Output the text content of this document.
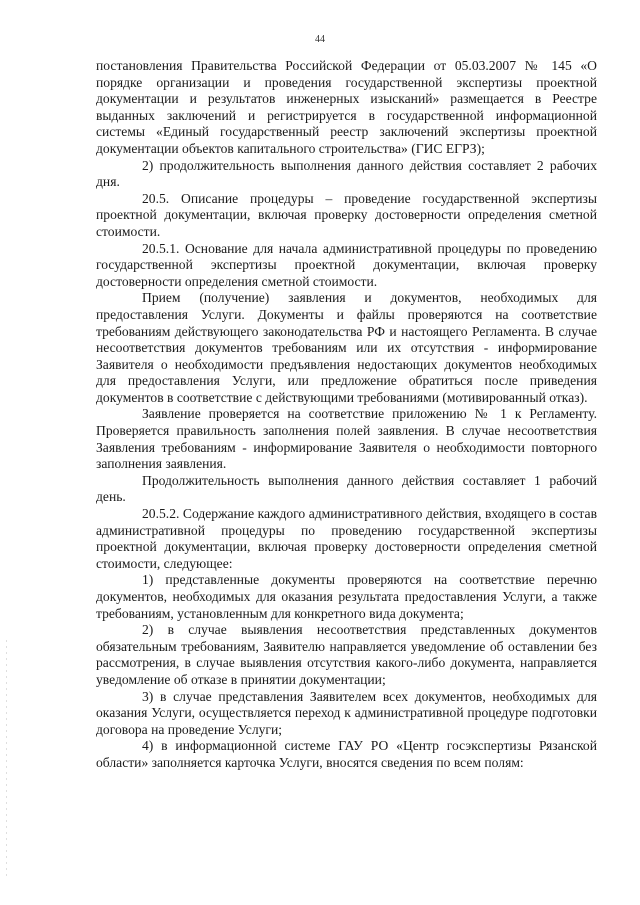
44

постановления Правительства Российской Федерации от 05.03.2007 № 145 «О порядке организации и проведения государственной экспертизы проектной документации и результатов инженерных изысканий» размещается в Реестре выданных заключений и регистрируется в государственной информационной системы «Единый государственный реестр заключений экспертизы проектной документации объектов капитального строительства» (ГИС ЕГРЗ);

2) продолжительность выполнения данного действия составляет 2 рабочих дня.

20.5. Описание процедуры – проведение государственной экспертизы проектной документации, включая проверку достоверности определения сметной стоимости.

20.5.1. Основание для начала административной процедуры по проведению государственной экспертизы проектной документации, включая проверку достоверности определения сметной стоимости.

Прием (получение) заявления и документов, необходимых для предоставления Услуги. Документы и файлы проверяются на соответствие требованиям действующего законодательства РФ и настоящего Регламента. В случае несоответствия документов требованиям или их отсутствия - информирование Заявителя о необходимости предъявления недостающих документов необходимых для предоставления Услуги, или предложение обратиться после приведения документов в соответствие с действующими требованиями (мотивированный отказ).

Заявление проверяется на соответствие приложению № 1 к Регламенту. Проверяется правильность заполнения полей заявления. В случае несоответствия Заявления требованиям - информирование Заявителя о необходимости повторного заполнения заявления.

Продолжительность выполнения данного действия составляет 1 рабочий день.

20.5.2. Содержание каждого административного действия, входящего в состав административной процедуры по проведению государственной экспертизы проектной документации, включая проверку достоверности определения сметной стоимости, следующее:

1) представленные документы проверяются на соответствие перечню документов, необходимых для оказания результата предоставления Услуги, а также требованиям, установленным для конкретного вида документа;

2) в случае выявления несоответствия представленных документов обязательным требованиям, Заявителю направляется уведомление об оставлении без рассмотрения, в случае выявления отсутствия какого-либо документа, направляется уведомление об отказе в принятии документации;

3) в случае представления Заявителем всех документов, необходимых для оказания Услуги, осуществляется переход к административной процедуре подготовки договора на проведение Услуги;

4) в информационной системе ГАУ РО «Центр госэкспертизы Рязанской области» заполняется карточка Услуги, вносятся сведения по всем полям:
